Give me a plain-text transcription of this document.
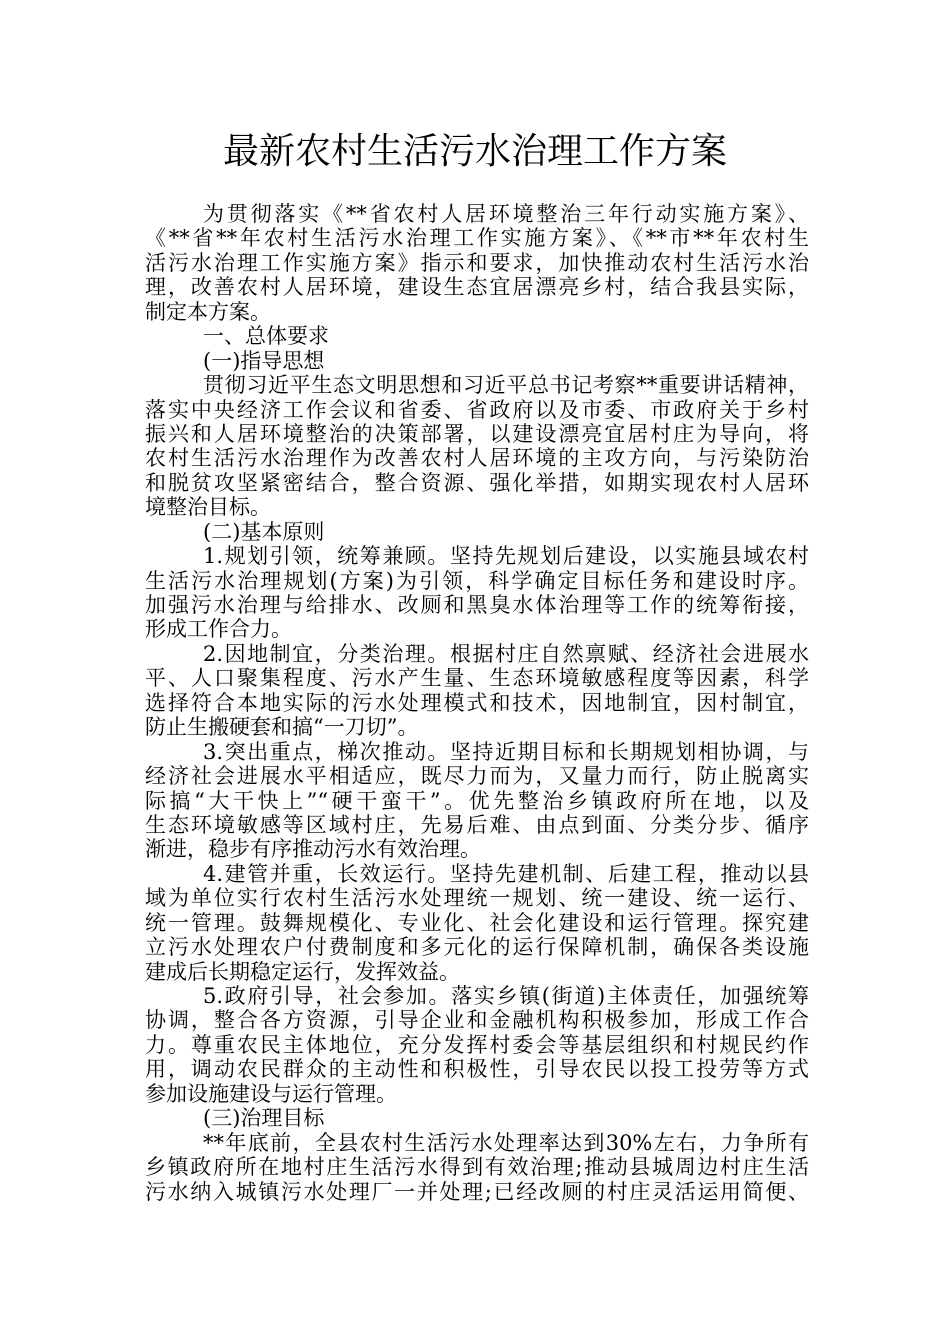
最新农村生活污水治理工作方案
为贯彻落实《**省农村人居环境整治三年行动实施方案》、
《**省**年农村生活污水治理工作实施方案》、《**市**年农村生
活污水治理工作实施方案》指示和要求，加快推动农村生活污水治
理，改善农村人居环境，建设生态宜居漂亮乡村，结合我县实际，
制定本方案。
一、总体要求
(一)指导思想
贯彻习近平生态文明思想和习近平总书记考察**重要讲话精神，
落实中央经济工作会议和省委、省政府以及市委、市政府关于乡村
振兴和人居环境整治的决策部署，以建设漂亮宜居村庄为导向，将
农村生活污水治理作为改善农村人居环境的主攻方向，与污染防治
和脱贫攻坚紧密结合，整合资源、强化举措，如期实现农村人居环
境整治目标。
(二)基本原则
1.规划引领，统筹兼顾。坚持先规划后建设，以实施县域农村
生活污水治理规划(方案)为引领，科学确定目标任务和建设时序。
加强污水治理与给排水、改厕和黑臭水体治理等工作的统筹衔接，
形成工作合力。
2.因地制宜，分类治理。根据村庄自然禀赋、经济社会进展水
平、人口聚集程度、污水产生量、生态环境敏感程度等因素，科学
选择符合本地实际的污水处理模式和技术，因地制宜，因村制宜，
防止生搬硬套和搞“一刀切”。
3.突出重点，梯次推动。坚持近期目标和长期规划相协调，与
经济社会进展水平相适应，既尽力而为，又量力而行，防止脱离实
际搞“大干快上”“硬干蛮干”。优先整治乡镇政府所在地，以及
生态环境敏感等区域村庄，先易后难、由点到面、分类分步、循序
渐进，稳步有序推动污水有效治理。
4.建管并重，长效运行。坚持先建机制、后建工程，推动以县
域为单位实行农村生活污水处理统一规划、统一建设、统一运行、
统一管理。鼓舞规模化、专业化、社会化建设和运行管理。探究建
立污水处理农户付费制度和多元化的运行保障机制，确保各类设施
建成后长期稳定运行，发挥效益。
5.政府引导，社会参加。落实乡镇(街道)主体责任，加强统筹
协调，整合各方资源，引导企业和金融机构积极参加，形成工作合
力。尊重农民主体地位，充分发挥村委会等基层组织和村规民约作
用，调动农民群众的主动性和积极性，引导农民以投工投劳等方式
参加设施建设与运行管理。
(三)治理目标
**年底前，全县农村生活污水处理率达到30%左右，力争所有
乡镇政府所在地村庄生活污水得到有效治理;推动县城周边村庄生活
污水纳入城镇污水处理厂一并处理;已经改厕的村庄灵活运用简便、
